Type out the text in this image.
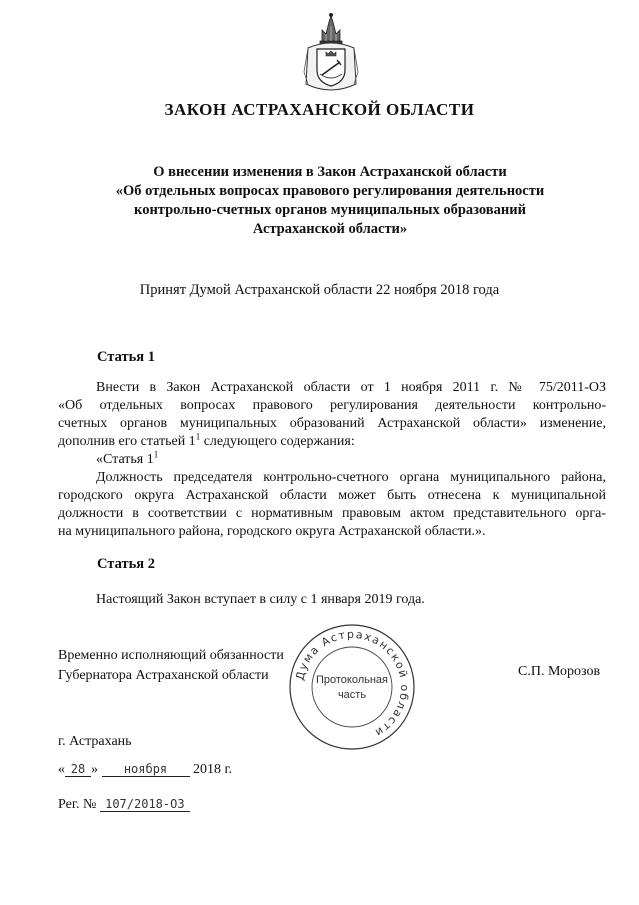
ЗАКОН АСТРАХАНСКОЙ ОБЛАСТИ
О внесении изменения в Закон Астраханской области
«Об отдельных вопросах правового регулирования деятельности
контрольно-счетных органов муниципальных образований
Астраханской области»
Принят Думой Астраханской области 22 ноября 2018 года
Статья 1
Внести в Закон Астраханской области от 1 ноября 2011 г. № 75/2011-ОЗ
«Об отдельных вопросах правового регулирования деятельности контрольно-
счетных органов муниципальных образований Астраханской области» изменение,
дополнив его статьей $1^1$ следующего содержания:
«Статья $1^1$
Должность председателя контрольно-счетного органа муниципального района,
городского округа Астраханской области может быть отнесена к муниципальной
должности в соответствии с нормативным правовым актом представительного орга-
на муниципального района, городского округа Астраханской области.».
Статья 2
Настоящий Закон вступает в силу с 1 января 2019 года.
Временно исполняющий обязанности
Губернатора Астраханской области	Дума Астраханской области
Протокольная
часть
С.П. Морозов
г. Астрахань
« 28 » ноября 2018 г.
Рег. № 107/2018-ОЗ
